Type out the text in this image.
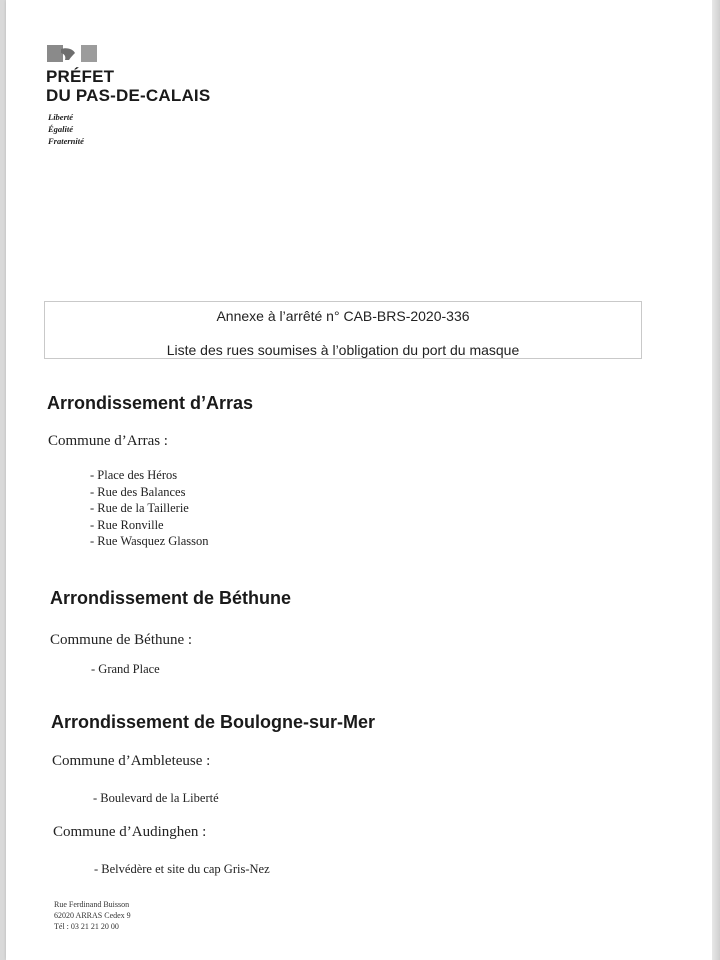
PRÉFET
DU PAS-DE-CALAIS
Liberté
Égalité
Fraternité
Annexe à l’arrêté n° CAB-BRS-2020-336
Liste des rues soumises à l’obligation du port du masque
Arrondissement d’Arras
Commune d’Arras :
- Place des Héros
- Rue des Balances
- Rue de la Taillerie
- Rue Ronville
- Rue Wasquez Glasson
Arrondissement de Béthune
Commune de Béthune :
- Grand Place
Arrondissement de Boulogne-sur-Mer
Commune d’Ambleteuse :
- Boulevard de la Liberté
Commune d’Audinghen :
- Belvédère et site du cap Gris-Nez
Rue Ferdinand Buisson
62020 ARRAS Cedex 9
Tél : 03 21 21 20 00
